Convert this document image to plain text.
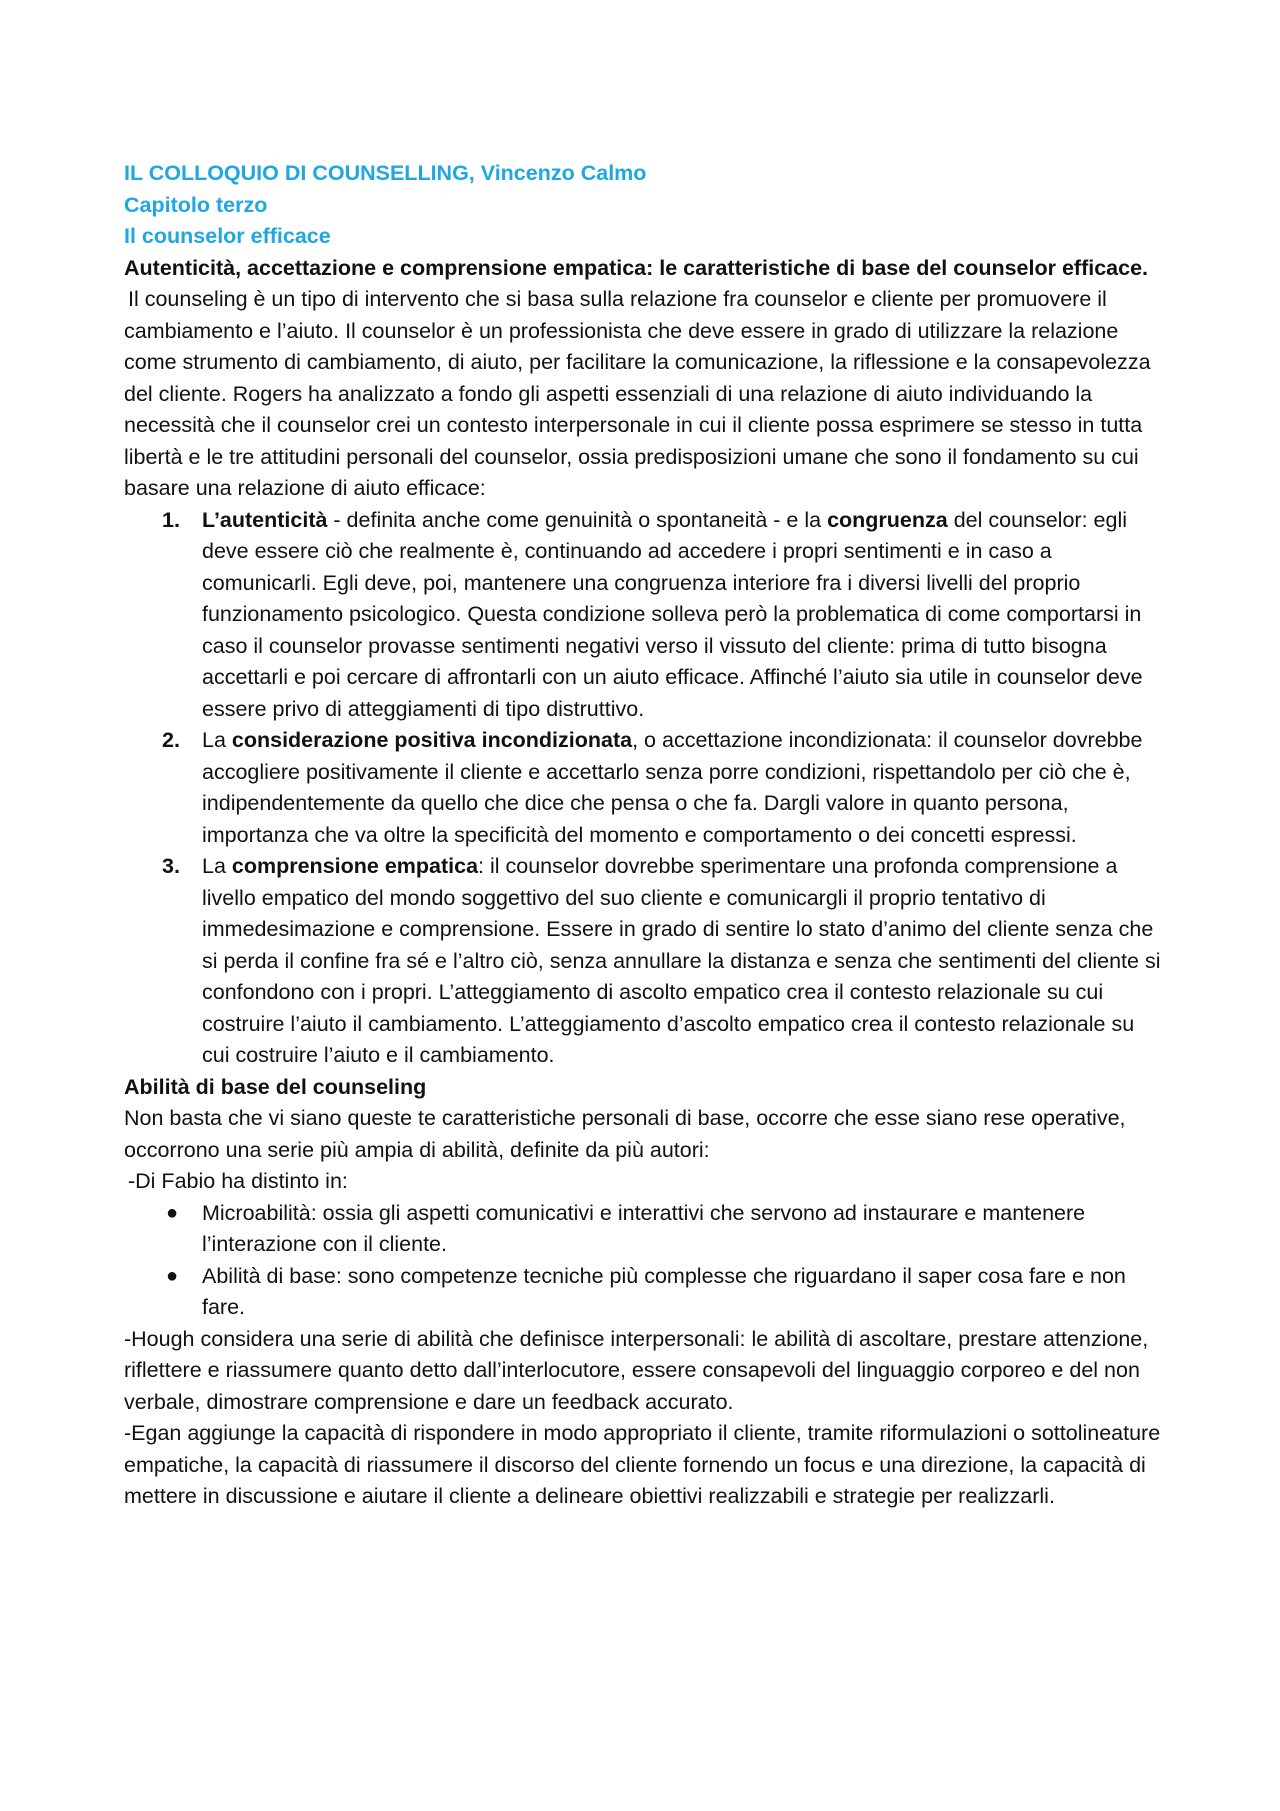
IL COLLOQUIO DI COUNSELLING, Vincenzo Calmo

Capitolo terzo

Il counselor efficace

Autenticità, accettazione e comprensione empatica: le caratteristiche di base del counselor efficace.

Il counseling è un tipo di intervento che si basa sulla relazione fra counselor e cliente per promuovere il cambiamento e l’aiuto. Il counselor è un professionista che deve essere in grado di utilizzare la relazione come strumento di cambiamento, di aiuto, per facilitare la comunicazione, la riflessione e la consapevolezza del cliente. Rogers ha analizzato a fondo gli aspetti essenziali di una relazione di aiuto individuando la necessità che il counselor crei un contesto interpersonale in cui il cliente possa esprimere se stesso in tutta libertà e le tre attitudini personali del counselor, ossia predisposizioni umane che sono il fondamento su cui basare una relazione di aiuto efficace:

1. L’autenticità - definita anche come genuinità o spontaneità - e la congruenza del counselor: egli deve essere ciò che realmente è, continuando ad accedere i propri sentimenti e in caso a comunicarli. Egli deve, poi, mantenere una congruenza interiore fra i diversi livelli del proprio funzionamento psicologico. Questa condizione solleva però la problematica di come comportarsi in caso il counselor provasse sentimenti negativi verso il vissuto del cliente: prima di tutto bisogna accettarli e poi cercare di affrontarli con un aiuto efficace. Affinché l’aiuto sia utile in counselor deve essere privo di atteggiamenti di tipo distruttivo.
2. La considerazione positiva incondizionata, o accettazione incondizionata: il counselor dovrebbe accogliere positivamente il cliente e accettarlo senza porre condizioni, rispettandolo per ciò che è, indipendentemente da quello che dice che pensa o che fa. Dargli valore in quanto persona, importanza che va oltre la specificità del momento e comportamento o dei concetti espressi.
3. La comprensione empatica: il counselor dovrebbe sperimentare una profonda comprensione a livello empatico del mondo soggettivo del suo cliente e comunicargli il proprio tentativo di immedesimazione e comprensione. Essere in grado di sentire lo stato d’animo del cliente senza che si perda il confine fra sé e l’altro ciò, senza annullare la distanza e senza che sentimenti del cliente si confondono con i propri. L’atteggiamento di ascolto empatico crea il contesto relazionale su cui costruire l’aiuto il cambiamento. L’atteggiamento d’ascolto empatico crea il contesto relazionale su cui costruire l’aiuto e il cambiamento.

Abilità di base del counseling

Non basta che vi siano queste te caratteristiche personali di base, occorre che esse siano rese operative, occorrono una serie più ampia di abilità, definite da più autori:

-Di Fabio ha distinto in:

● Microabilità: ossia gli aspetti comunicativi e interattivi che servono ad instaurare e mantenere l’interazione con il cliente.
● Abilità di base: sono competenze tecniche più complesse che riguardano il saper cosa fare e non fare.

-Hough considera una serie di abilità che definisce interpersonali: le abilità di ascoltare, prestare attenzione, riflettere e riassumere quanto detto dall’interlocutore, essere consapevoli del linguaggio corporeo e del non verbale, dimostrare comprensione e dare un feedback accurato.

-Egan aggiunge la capacità di rispondere in modo appropriato il cliente, tramite riformulazioni o sottolineature empatiche, la capacità di riassumere il discorso del cliente fornendo un focus e una direzione, la capacità di mettere in discussione e aiutare il cliente a delineare obiettivi realizzabili e strategie per realizzarli.
